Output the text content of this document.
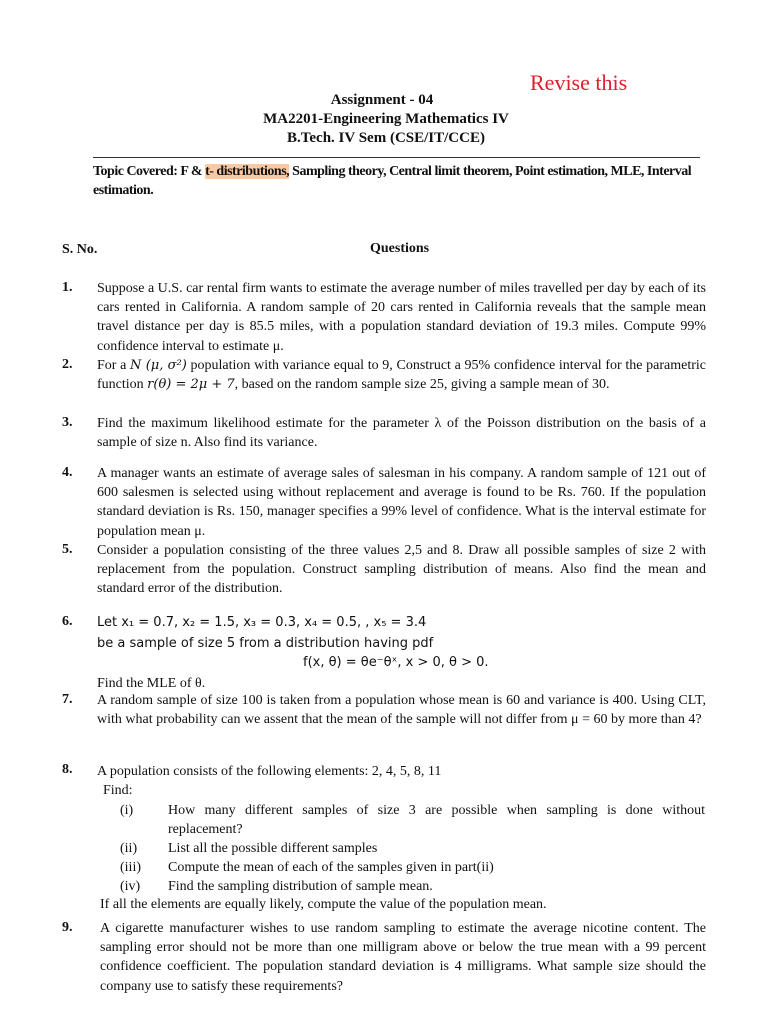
Revise this
Assignment - 04
MA2201-Engineering Mathematics IV
B.Tech. IV Sem (CSE/IT/CCE)
Topic Covered: F & t- distributions, Sampling theory, Central limit theorem, Point estimation, MLE, Interval estimation.
S. No.	Questions
1. Suppose a U.S. car rental firm wants to estimate the average number of miles travelled per day by each of its cars rented in California. A random sample of 20 cars rented in California reveals that the sample mean travel distance per day is 85.5 miles, with a population standard deviation of 19.3 miles. Compute 99% confidence interval to estimate μ.
2. For a N (μ, σ²) population with variance equal to 9, Construct a 95% confidence interval for the parametric function r(θ) = 2μ + 7, based on the random sample size 25, giving a sample mean of 30.
3. Find the maximum likelihood estimate for the parameter λ of the Poisson distribution on the basis of a sample of size n. Also find its variance.
4. A manager wants an estimate of average sales of salesman in his company. A random sample of 121 out of 600 salesmen is selected using without replacement and average is found to be Rs. 760. If the population standard deviation is Rs. 150, manager specifies a 99% level of confidence. What is the interval estimate for population mean μ.
5. Consider a population consisting of the three values 2,5 and 8. Draw all possible samples of size 2 with replacement from the population. Construct sampling distribution of means. Also find the mean and standard error of the distribution.
6. Let x₁ = 0.7, x₂ = 1.5, x₃ = 0.3, x₄ = 0.5, , x₅ = 3.4
be a sample of size 5 from a distribution having pdf
f(x, θ) = θe⁻θˣ, x > 0, θ > 0.
Find the MLE of θ.
7. A random sample of size 100 is taken from a population whose mean is 60 and variance is 400. Using CLT, with what probability can we assent that the mean of the sample will not differ from μ = 60 by more than 4?
8. A population consists of the following elements: 2, 4, 5, 8, 11
Find:
(i) How many different samples of size 3 are possible when sampling is done without replacement?
(ii) List all the possible different samples
(iii) Compute the mean of each of the samples given in part(ii)
(iv) Find the sampling distribution of sample mean.
If all the elements are equally likely, compute the value of the population mean.
9. A cigarette manufacturer wishes to use random sampling to estimate the average nicotine content. The sampling error should not be more than one milligram above or below the true mean with a 99 percent confidence coefficient. The population standard deviation is 4 milligrams. What sample size should the company use to satisfy these requirements?
